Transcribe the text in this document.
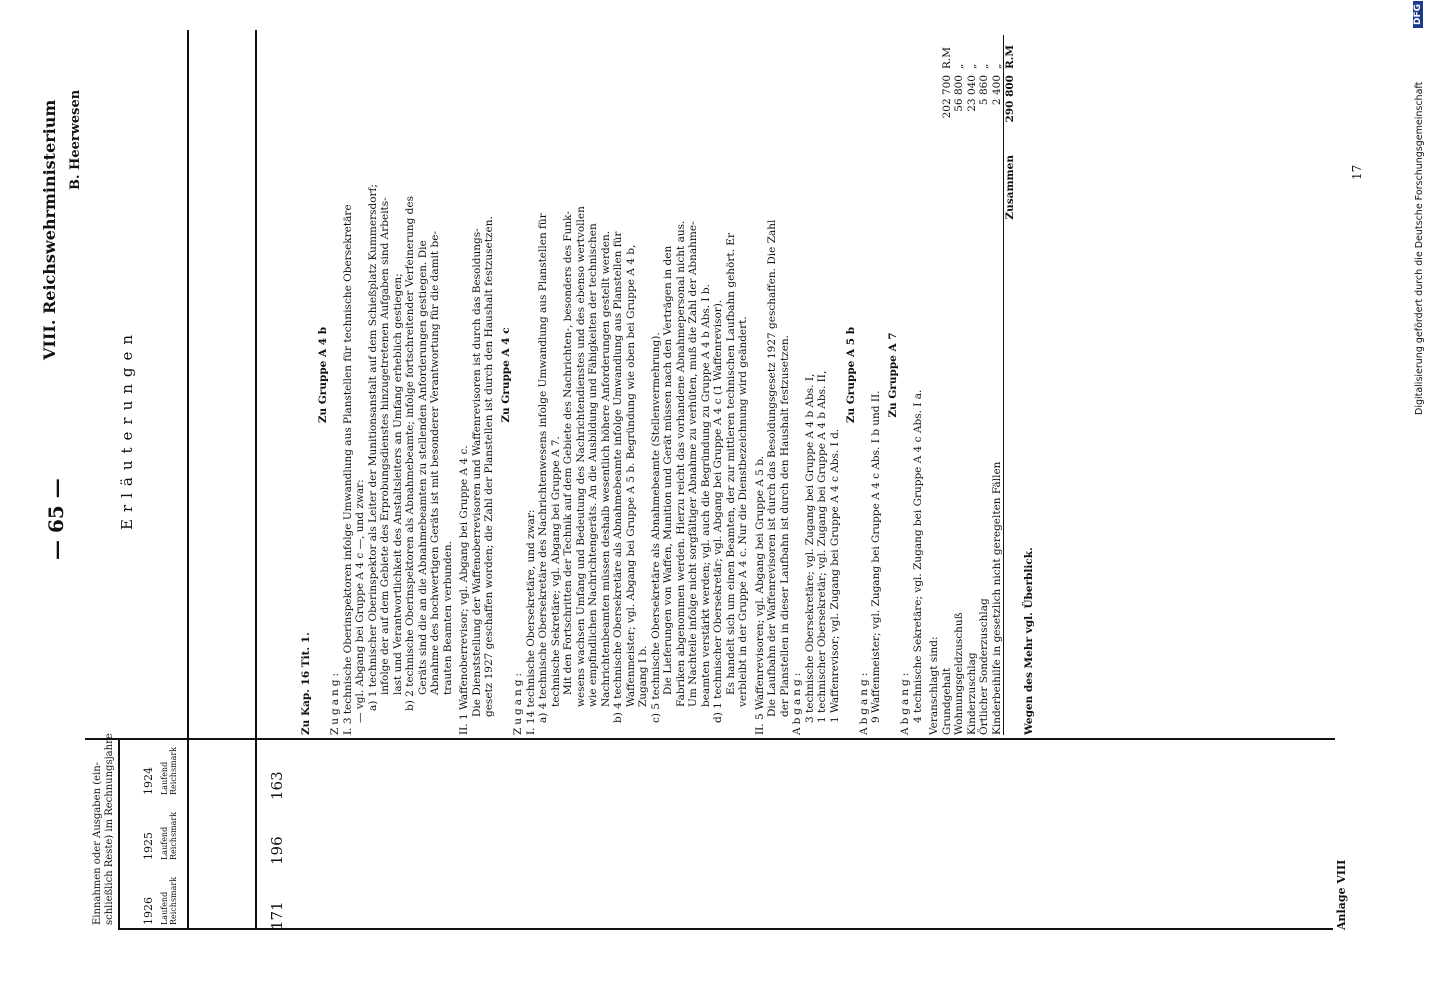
— 65 —
VIII. Reichswehrministerium B. Heerwesen
Erläuterungen
Einnahmen oder Ausgaben (ein- schließlich Reste) im Rechnungsjahre 1926 Laufend Reichsmark
1925 Laufend Reichsmark
1924 Laufend Reichsmark
171
196
163
Zu Kap. 16 Tit. 1.
Zu Gruppe A 4 b
Zugang: I. 3 technische Oberinspektoren infolge Umwandlung aus Planstellen für technische Obersekretäre — vgl. Abgang bei Gruppe A 4 c —, und zwar: a) 1 technischer Oberinspektor als Leiter der Munitionsanstalt auf dem Schießplatz Kummersdorf; infolge der auf dem Gebiete des Erprobungsdienstes hinzugetretenen Aufgaben sind Arbeits- last und Verantwortlichkeit des Anstaltsleiters an Umfang erheblich gestiegen; b) 2 technische Oberinspektoren als Abnahmebeamte; infolge fortschreitender Verfeinerung des Geräts sind die an die Abnahmebeamten zu stellenden Anforderungen gestiegen. Die Abnahme des hochwertigen Geräts ist mit besonderer Verantwortung für die damit be- trauten Beamten verbunden. II. 1 Waffenoberrevisor; vgl. Abgang bei Gruppe A 4 c. Die Dienststellung der Waffenoberrevisoren und Waffenrevisoren ist durch das Besoldungs- gesetz 1927 geschaffen worden; die Zahl der Planstellen ist durch den Haushalt festzusetzen. Zu Gruppe A 4 c
Zugang: I. 14 technische Obersekretäre, und zwar: a) 4 technische Obersekretäre des Nachrichtenwesens infolge Umwandlung aus Planstellen für technische Sekretäre; vgl. Abgang bei Gruppe A 7. Mit den Fortschritten der Technik auf dem Gebiete des Nachrichten-, besonders des Funk- wesens wachsen Umfang und Bedeutung des Nachrichtendienstes und des ebenso wertvollen wie empfindlichen Nachrichtengeräts. An die Ausbildung und Fähigkeiten der technischen Nachrichtenbeamten müssen deshalb wesentlich höhere Anforderungen gestellt werden. b) 4 technische Obersekretäre als Abnahmebeamte infolge Umwandlung aus Planstellen für Waffenmeister; vgl. Abgang bei Gruppe A 5 b. Begründung wie oben bei Gruppe A 4 b, Zugang I b. c) 5 technische Obersekretäre als Abnahmebeamte (Stellenvermehrung). Die Lieferungen von Waffen, Munition und Gerät müssen nach den Verträgen in den Fabriken abgenommen werden. Hierzu reicht das vorhandene Abnahmepersonal nicht aus. Um Nachteile infolge nicht sorgfältiger Abnahme zu verhüten, muß die Zahl der Abnahme- beamten verstärkt werden; vgl. auch die Begründung zu Gruppe A 4 b Abs. I b. d) 1 technischer Obersekretär; vgl. Abgang bei Gruppe A 4 c (1 Waffenrevisor). Es handelt sich um einen Beamten, der zur mittleren technischen Laufbahn gehört. Er verbleibt in der Gruppe A 4 c. Nur die Dienstbezeichnung wird geändert. II. 5 Waffenrevisoren; vgl. Abgang bei Gruppe A 5 b. Die Laufbahn der Waffenrevisoren ist durch das Besoldungsgesetz 1927 geschaffen. Die Zahl der Planstellen in dieser Laufbahn ist durch den Haushalt festzusetzen. Abgang: 3 technische Obersekretäre; vgl. Zugang bei Gruppe A 4 b Abs. I, 1 technischer Obersekretär; vgl. Zugang bei Gruppe A 4 b Abs. II, 1 Waffenrevisor; vgl. Zugang bei Gruppe A 4 c Abs. I d.
Zu Gruppe A 5 b
Abgang: 9 Waffenmeister; vgl. Zugang bei Gruppe A 4 c Abs. I b und II.
Zu Gruppe A 7
Abgang: 4 technische Sekretäre; vgl. Zugang bei Gruppe A 4 c Abs. I a. Veranschlagt sind: Grundgehalt
202 700
R.M
Wohnungsgeldzuschuß
56 800
„
Kinderzuschlag
23 040
„
Örtlicher Sonderzuschlag
5 860
„
Kinderbeihilfe in gesetzlich nicht geregelten Fällen
2 400
„
Zusammen
290 800
R.M
Wegen des Mehr vgl. Überblick.
Anlage VIII
17	Digitalisierung gefördert durch die Deutsche Forschungsgemeinschaft
DFG
